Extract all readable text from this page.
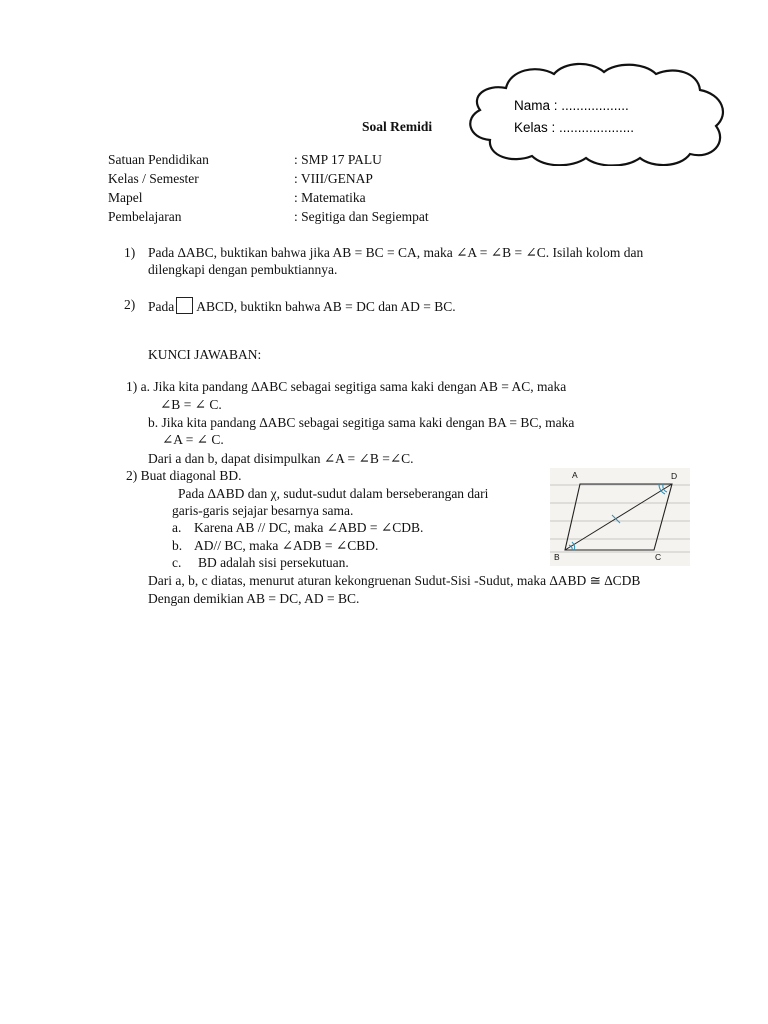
Nama : ..................
Kelas : ....................
Soal Remidi
Satuan Pendidikan	: SMP 17 PALU
Kelas / Semester	: VIII/GENAP
Mapel	: Matematika
Pembelajaran	: Segitiga dan Segiempat
1) Pada ∆ABC, buktikan bahwa jika AB = BC = CA, maka ∠A = ∠B = ∠C. Isilah kolom dan
dilengkapi dengan pembuktiannya.
2) Pada ABCD, buktikn bahwa AB = DC dan AD = BC.
KUNCI JAWABAN:
1) a. Jika kita pandang ∆ABC sebagai segitiga sama kaki dengan AB = AC, maka
∠B = ∠ C.
b. Jika kita pandang ∆ABC sebagai segitiga sama kaki dengan BA = BC, maka
∠A = ∠ C.
Dari a dan b, dapat disimpulkan ∠A = ∠B =∠C.
2) Buat diagonal BD.
Pada ∆ABD dan χ, sudut-sudut dalam berseberangan dari
garis-garis sejajar besarnya sama.
a. Karena AB // DC, maka ∠ABD = ∠CDB.
b. AD// BC, maka ∠ADB = ∠CBD.
c. BD adalah sisi persekutuan.
Dari a, b, c diatas, menurut aturan kekongruenan Sudut-Sisi -Sudut, maka ∆ABD ≅ ∆CDB
Dengan demikian AB = DC, AD = BC.
A	D
B	C
